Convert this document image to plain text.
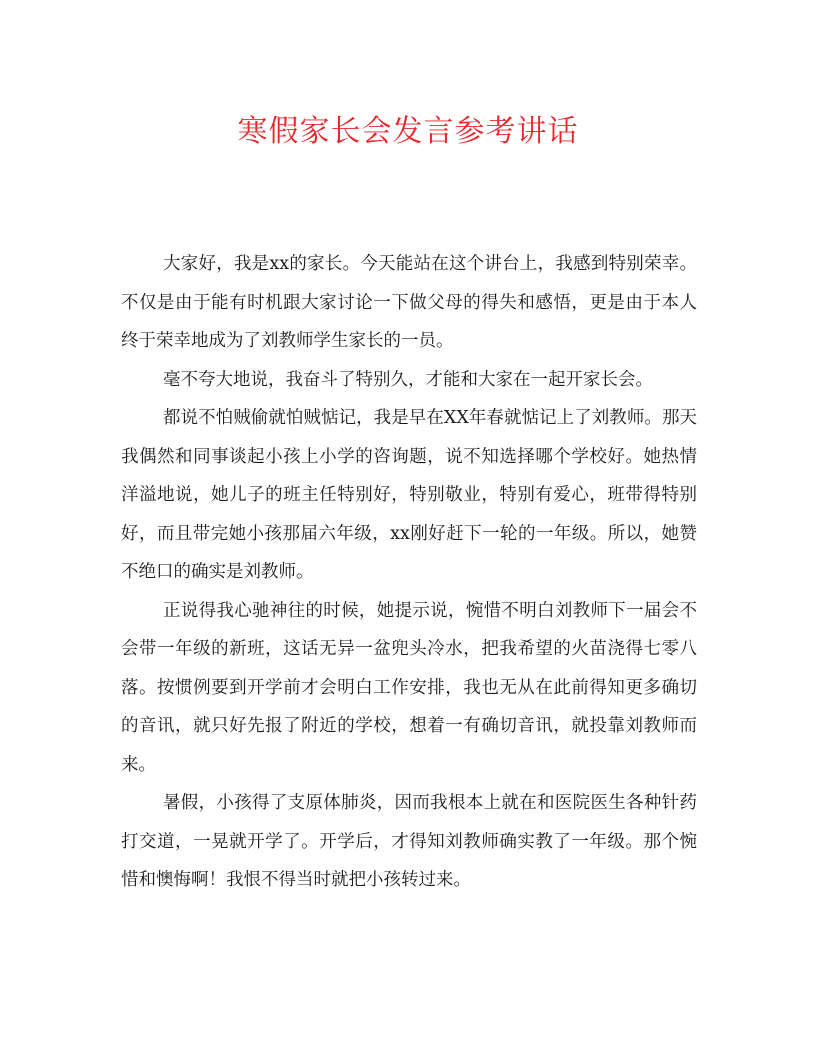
寒假家长会发言参考讲话

大家好，我是xx的家长。今天能站在这个讲台上，我感到特别荣幸。不仅是由于能有时机跟大家讨论一下做父母的得失和感悟，更是由于本人终于荣幸地成为了刘教师学生家长的一员。

毫不夸大地说，我奋斗了特别久，才能和大家在一起开家长会。

都说不怕贼偷就怕贼惦记，我是早在XX年春就惦记上了刘教师。那天我偶然和同事谈起小孩上小学的咨询题，说不知选择哪个学校好。她热情洋溢地说，她儿子的班主任特别好，特别敬业，特别有爱心，班带得特别好，而且带完她小孩那届六年级，xx刚好赶下一轮的一年级。所以，她赞不绝口的确实是刘教师。

正说得我心驰神往的时候，她提示说，惋惜不明白刘教师下一届会不会带一年级的新班，这话无异一盆兜头冷水，把我希望的火苗浇得七零八落。按惯例要到开学前才会明白工作安排，我也无从在此前得知更多确切的音讯，就只好先报了附近的学校，想着一有确切音讯，就投靠刘教师而来。

暑假，小孩得了支原体肺炎，因而我根本上就在和医院医生各种针药打交道，一晃就开学了。开学后，才得知刘教师确实教了一年级。那个惋惜和懊悔啊！我恨不得当时就把小孩转过来。
